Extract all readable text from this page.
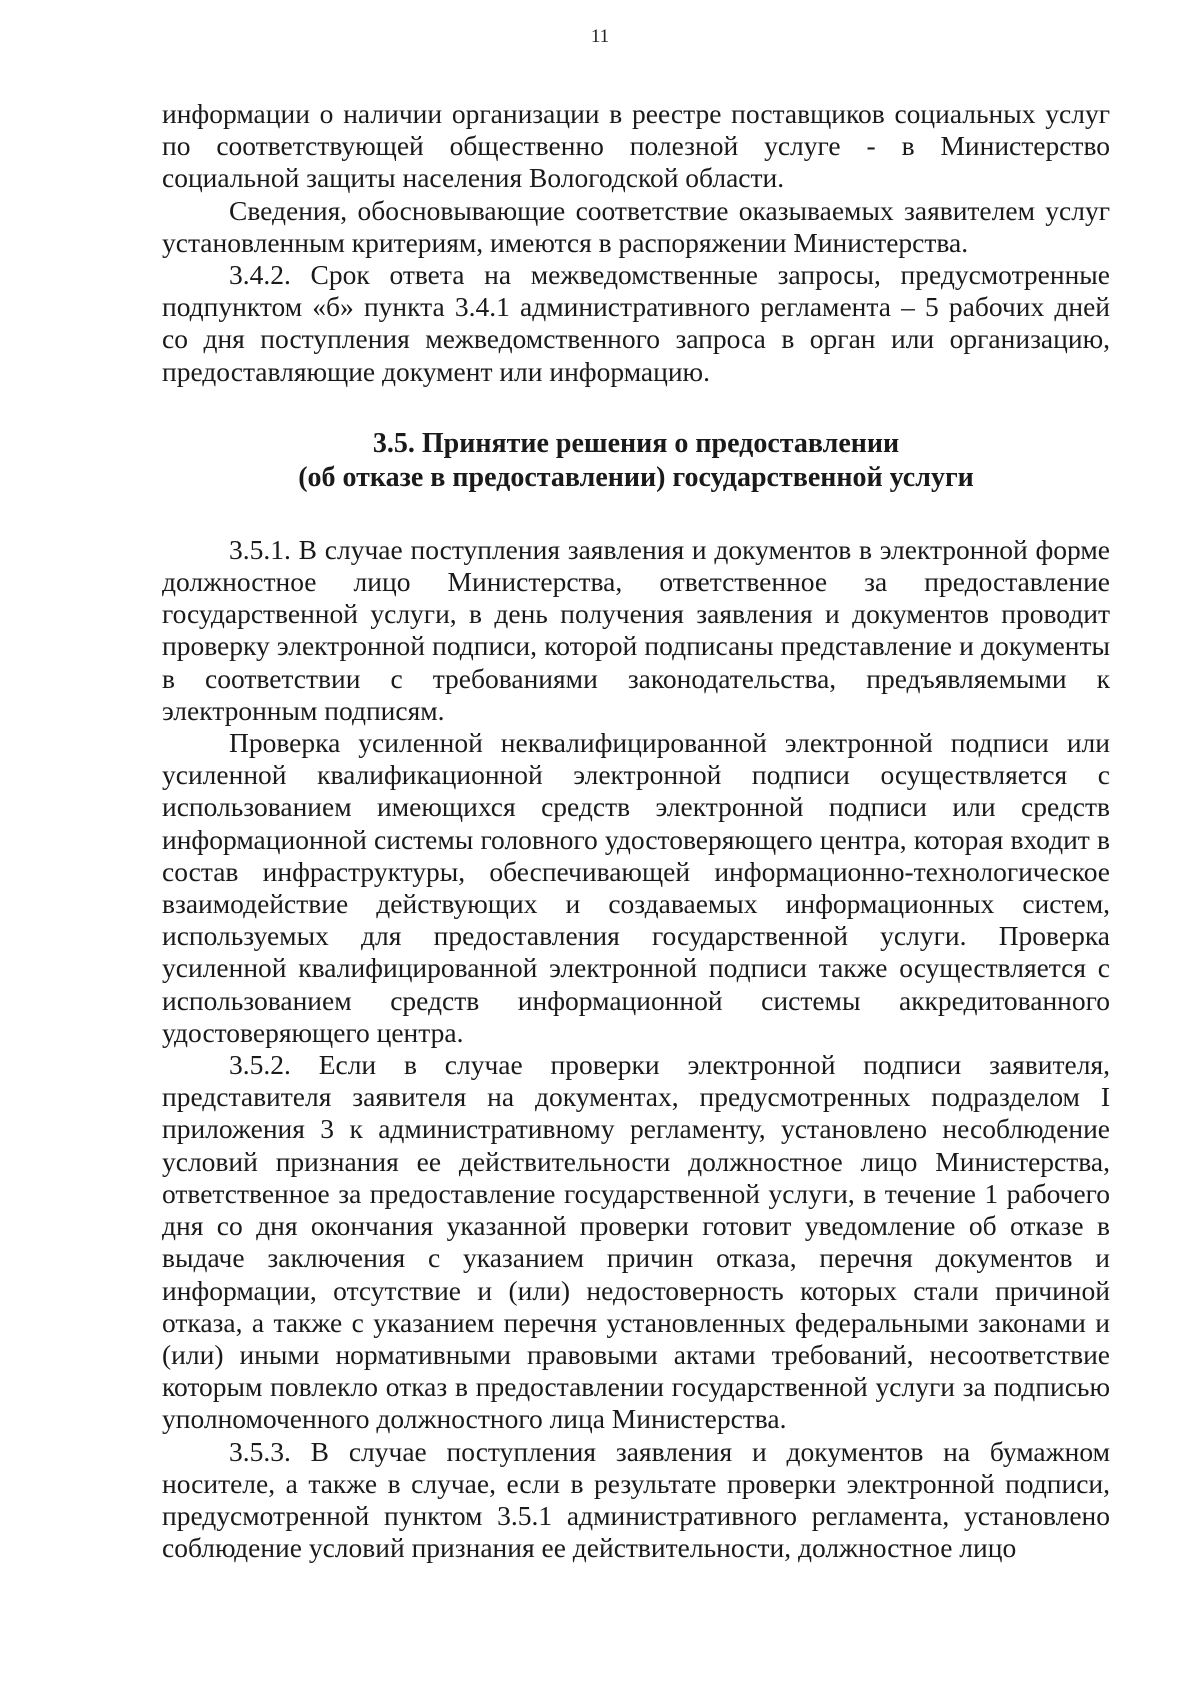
11

информации о наличии организации в реестре поставщиков социальных услуг по соответствующей общественно полезной услуге - в Министерство социальной защиты населения Вологодской области.

Сведения, обосновывающие соответствие оказываемых заявителем услуг установленным критериям, имеются в распоряжении Министерства.

3.4.2. Срок ответа на межведомственные запросы, предусмотренные подпунктом «б» пункта 3.4.1 административного регламента – 5 рабочих дней со дня поступления межведомственного запроса в орган или организацию, предоставляющие документ или информацию.

3.5. Принятие решения о предоставлении
(об отказе в предоставлении) государственной услуги

3.5.1. В случае поступления заявления и документов в электронной форме должностное лицо Министерства, ответственное за предоставление государственной услуги, в день получения заявления и документов проводит проверку электронной подписи, которой подписаны представление и документы в соответствии с требованиями законодательства, предъявляемыми к электронным подписям.

Проверка усиленной неквалифицированной электронной подписи или усиленной квалификационной электронной подписи осуществляется с использованием имеющихся средств электронной подписи или средств информационной системы головного удостоверяющего центра, которая входит в состав инфраструктуры, обеспечивающей информационно-технологическое взаимодействие действующих и создаваемых информационных систем, используемых для предоставления государственной услуги. Проверка усиленной квалифицированной электронной подписи также осуществляется с использованием средств информационной системы аккредитованного удостоверяющего центра.

3.5.2. Если в случае проверки электронной подписи заявителя, представителя заявителя на документах, предусмотренных подразделом I приложения 3 к административному регламенту, установлено несоблюдение условий признания ее действительности должностное лицо Министерства, ответственное за предоставление государственной услуги, в течение 1 рабочего дня со дня окончания указанной проверки готовит уведомление об отказе в выдаче заключения с указанием причин отказа, перечня документов и информации, отсутствие и (или) недостоверность которых стали причиной отказа, а также с указанием перечня установленных федеральными законами и (или) иными нормативными правовыми актами требований, несоответствие которым повлекло отказ в предоставлении государственной услуги за подписью уполномоченного должностного лица Министерства.

3.5.3. В случае поступления заявления и документов на бумажном носителе, а также в случае, если в результате проверки электронной подписи, предусмотренной пунктом 3.5.1 административного регламента, установлено соблюдение условий признания ее действительности, должностное лицо
